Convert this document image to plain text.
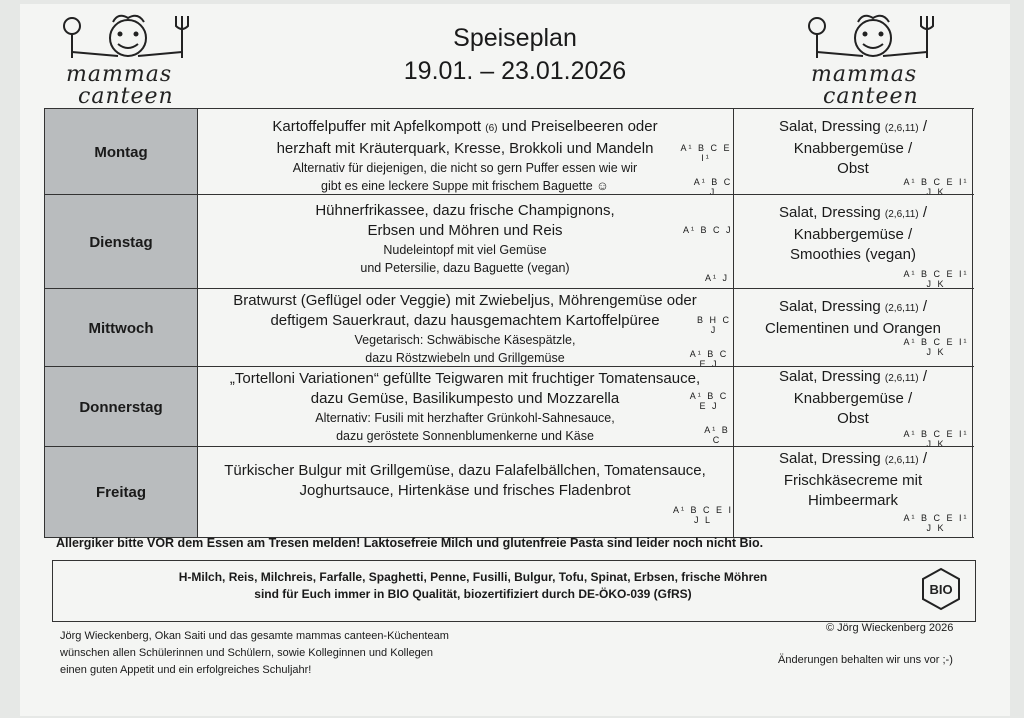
mammas
canteen
mammas
canteen
Speiseplan
19.01. – 23.01.2026
Montag
Kartoffelpuffer mit Apfelkompott (6) und Preiselbeeren oder
herzhaft mit Kräuterquark, Kresse, Brokkoli und Mandeln
Alternativ für diejenigen, die nicht so gern Puffer essen wie wir
gibt es eine leckere Suppe mit frischem Baguette ☺
A¹ B C E I¹
A¹ B C J
Salat, Dressing (2,6,11) /
Knabbergemüse /
Obst
A¹ B C E I¹ J K
Dienstag
Hühnerfrikassee, dazu frische Champignons,
Erbsen und Möhren und Reis
Nudeleintopf mit viel Gemüse
und Petersilie, dazu Baguette (vegan)
A¹ B C J
A¹ J
Salat, Dressing (2,6,11) /
Knabbergemüse /
Smoothies (vegan)
A¹ B C E I¹ J K
Mittwoch
Bratwurst (Geflügel oder Veggie) mit Zwiebeljus, Möhrengemüse oder
deftigem Sauerkraut, dazu hausgemachtem Kartoffelpüree
Vegetarisch: Schwäbische Käsespätzle,
dazu Röstzwiebeln und Grillgemüse
B H C J
A¹ B C E J
Salat, Dressing (2,6,11) /
Clementinen und Orangen
A¹ B C E I¹ J K
Donnerstag
„Tortelloni Variationen“ gefüllte Teigwaren mit fruchtiger Tomatensauce,
dazu Gemüse, Basilikumpesto und Mozzarella
Alternativ: Fusili mit herzhafter Grünkohl-Sahnesauce,
dazu geröstete Sonnenblumenkerne und Käse
A¹ B C E J
A¹ B C
Salat, Dressing (2,6,11) /
Knabbergemüse /
Obst
A¹ B C E I¹ J K
Freitag
Türkischer Bulgur mit Grillgemüse, dazu Falafelbällchen, Tomatensauce,
Joghurtsauce, Hirtenkäse und frisches Fladenbrot
A¹ B C E I J L
Salat, Dressing (2,6,11) /
Frischkäsecreme mit
Himbeermark
A¹ B C E I¹ J K
Allergiker bitte VOR dem Essen am Tresen melden! Laktosefreie Milch und glutenfreie Pasta sind leider noch nicht Bio.
H-Milch, Reis, Milchreis, Farfalle, Spaghetti, Penne, Fusilli, Bulgur, Tofu, Spinat, Erbsen, frische Möhren
sind für Euch immer in BIO Qualität, biozertifiziert durch DE-ÖKO-039 (GfRS)	BIO
Jörg Wieckenberg, Okan Saiti und das gesamte mammas canteen-Küchenteam
wünschen allen Schülerinnen und Schülern, sowie Kolleginnen und Kollegen
einen guten Appetit und ein erfolgreiches Schuljahr!
© Jörg Wieckenberg 2026
Änderungen behalten wir uns vor ;-)
